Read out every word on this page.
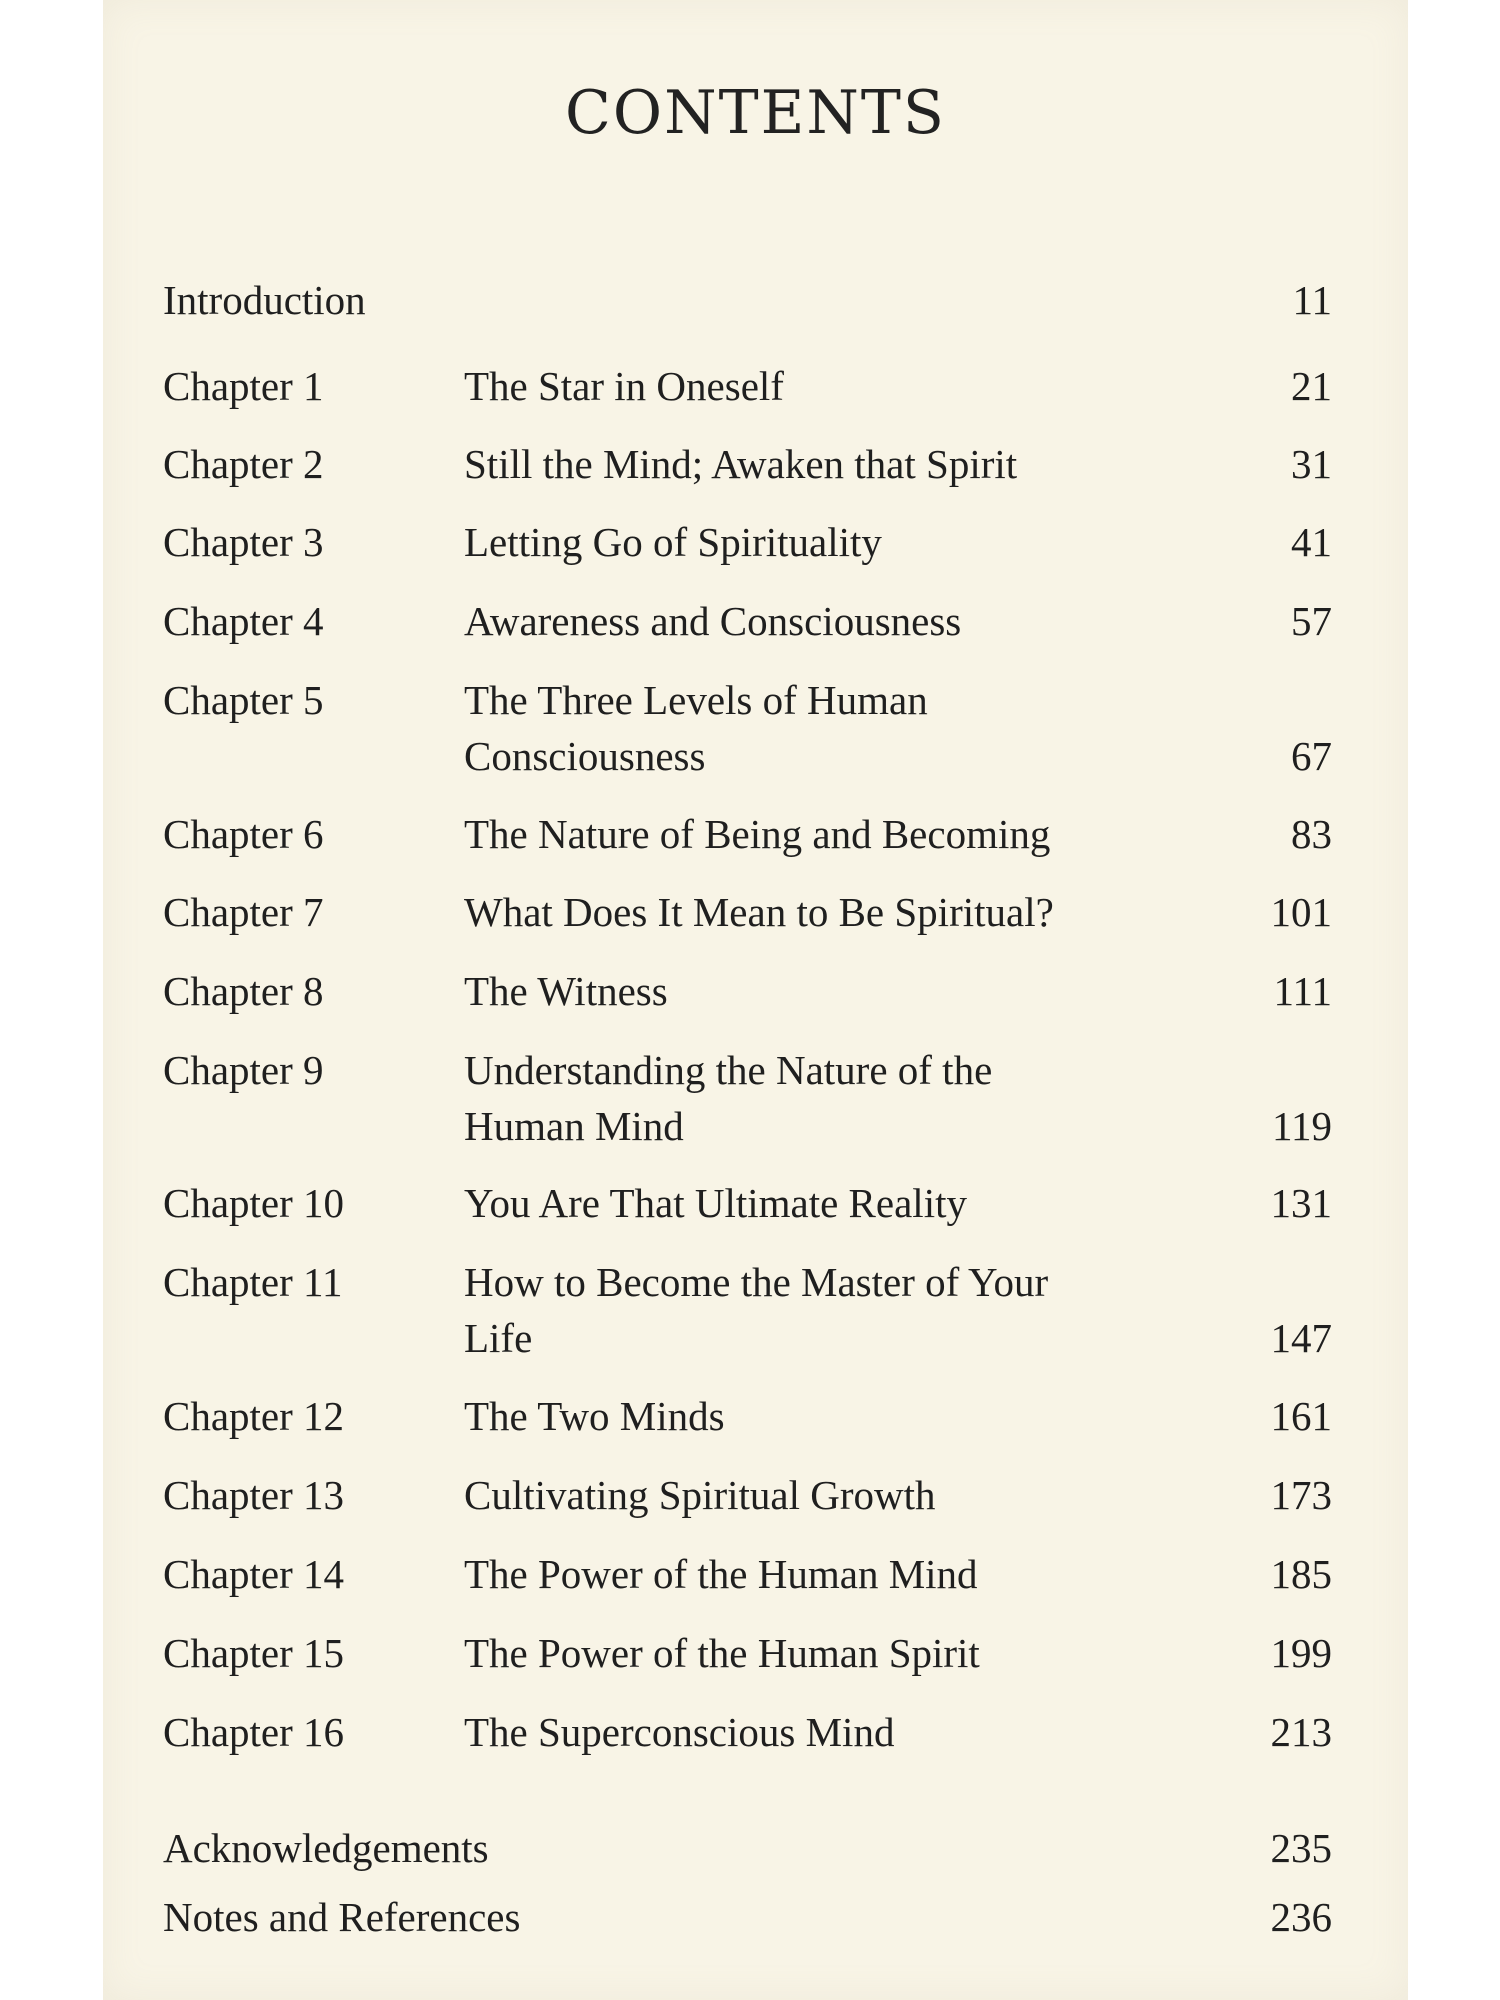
CONTENTS
Introduction	11
Chapter 1	The Star in Oneself	21
Chapter 2	Still the Mind; Awaken that Spirit	31
Chapter 3	Letting Go of Spirituality	41
Chapter 4	Awareness and Consciousness	57
Chapter 5	The Three Levels of Human Consciousness	67
Chapter 6	The Nature of Being and Becoming	83
Chapter 7	What Does It Mean to Be Spiritual?	101
Chapter 8	The Witness	111
Chapter 9	Understanding the Nature of the Human Mind	119
Chapter 10	You Are That Ultimate Reality	131
Chapter 11	How to Become the Master of Your Life	147
Chapter 12	The Two Minds	161
Chapter 13	Cultivating Spiritual Growth	173
Chapter 14	The Power of the Human Mind	185
Chapter 15	The Power of the Human Spirit	199
Chapter 16	The Superconscious Mind	213
Acknowledgements	235
Notes and References	236
